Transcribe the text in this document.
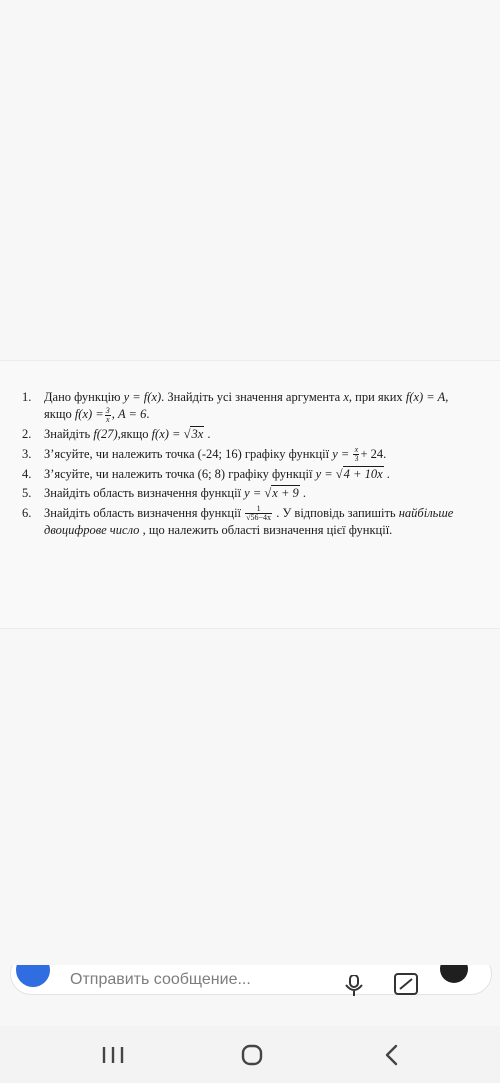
1. Дано функцію y = f(x). Знайдіть усі значення аргумента x, при яких f(x) = A, якщо $f(x) = \frac{3}{x}$ , A = 6.
2. Знайдіть f(27),якщо f(x) = √3x .
3. З’ясуйте, чи належить точка (-24; 16) графіку функції $y = \frac{x}{3} + 24$.
4. З’ясуйте, чи належить точка (6; 8) графіку функції y = √4 + 10x .
5. Знайдіть область визначення функції y = √x + 9 .
6. Знайдіть область визначення функції $\frac{1}{√56-4x}$ . У відповідь запишіть найбільше двоцифрове число , що належить області визначення цієї функції.
Отправить сообщение...
